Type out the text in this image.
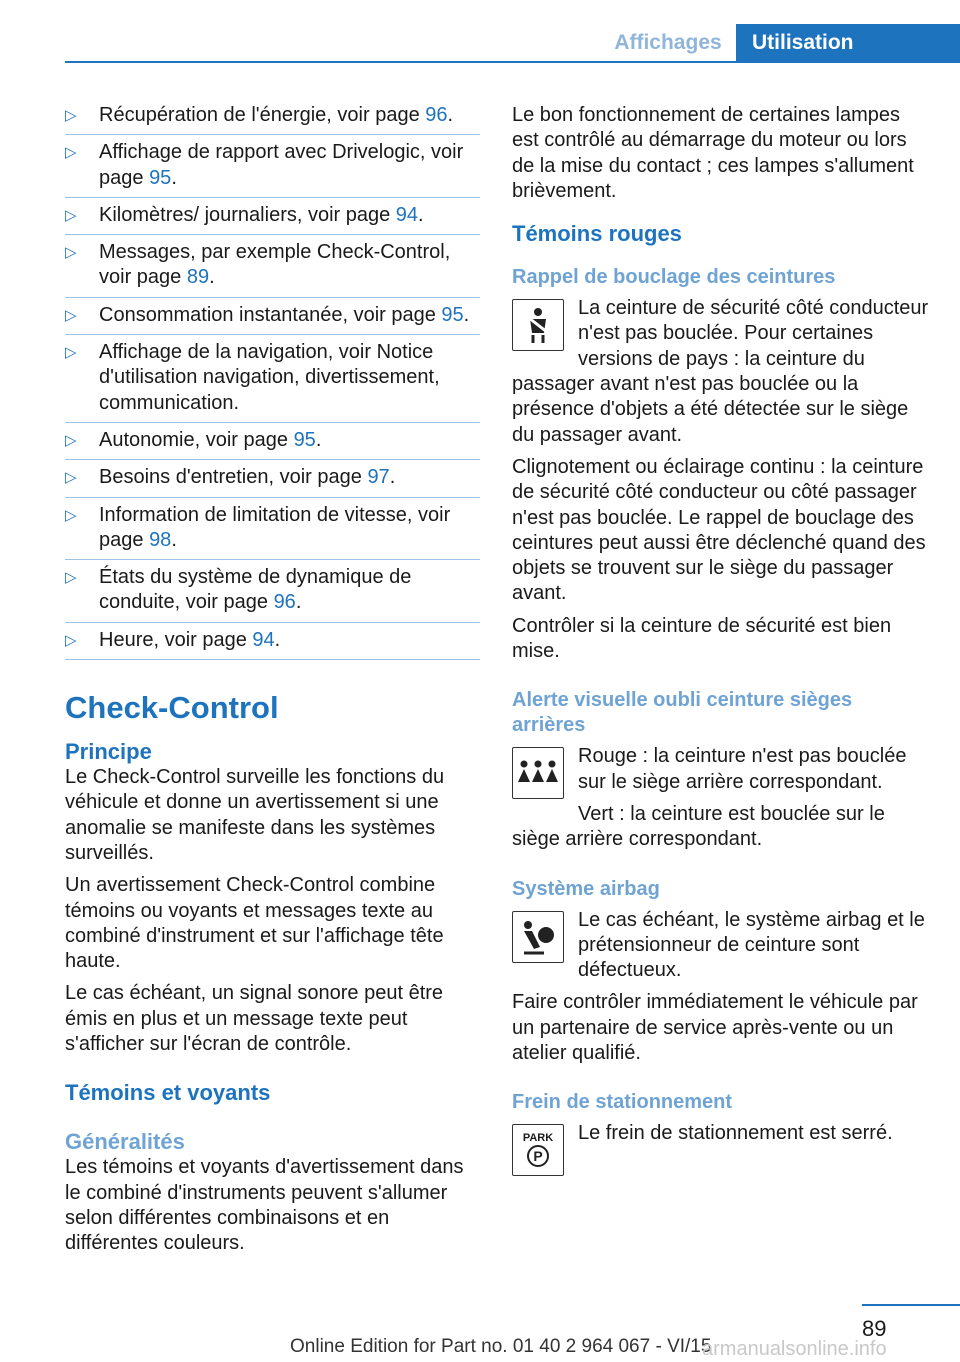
Affichages	Utilisation
▷ Récupération de l'énergie, voir page 96.
▷ Affichage de rapport avec Drivelogic, voir page 95.
▷ Kilomètres/ journaliers, voir page 94.
▷ Messages, par exemple Check-Control, voir page 89.
▷ Consommation instantanée, voir page 95.
▷ Affichage de la navigation, voir Notice d'utilisation navigation, divertissement, communication.
▷ Autonomie, voir page 95.
▷ Besoins d'entretien, voir page 97.
▷ Information de limitation de vitesse, voir page 98.
▷ États du système de dynamique de conduite, voir page 96.
▷ Heure, voir page 94.
Check-Control
Principe

Le Check-Control surveille les fonctions du véhicule et donne un avertissement si une anomalie se manifeste dans les systèmes surveillés.

Un avertissement Check-Control combine témoins ou voyants et messages texte au combiné d'instrument et sur l'affichage tête haute.

Le cas échéant, un signal sonore peut être émis en plus et un message texte peut s'afficher sur l'écran de contrôle.

Témoins et voyants
Généralités

Les témoins et voyants d'avertissement dans le combiné d'instruments peuvent s'allumer selon différentes combinaisons et en différentes couleurs.

Le bon fonctionnement de certaines lampes est contrôlé au démarrage du moteur ou lors de la mise du contact ; ces lampes s'allument brièvement.

Témoins rouges
Rappel de bouclage des ceintures

La ceinture de sécurité côté conducteur n'est pas bouclée. Pour certaines versions de pays : la ceinture du passager avant n'est pas bouclée ou la présence d'objets a été détectée sur le siège du passager avant.

Clignotement ou éclairage continu : la ceinture de sécurité côté conducteur ou côté passager n'est pas bouclée. Le rappel de bouclage des ceintures peut aussi être déclenché quand des objets se trouvent sur le siège du passager avant.

Contrôler si la ceinture de sécurité est bien mise.

Alerte visuelle oubli ceinture sièges arrières

Rouge : la ceinture n'est pas bouclée sur le siège arrière correspondant.

Vert : la ceinture est bouclée sur le siège arrière correspondant.

Système airbag

Le cas échéant, le système airbag et le prétensionneur de ceinture sont défectueux.

Faire contrôler immédiatement le véhicule par un partenaire de service après-vente ou un atelier qualifié.

Frein de stationnement
PARK
P

Le frein de stationnement est serré.

89
Online Edition for Part no. 01 40 2 964 067 - VI/15
armanualsonline.info
